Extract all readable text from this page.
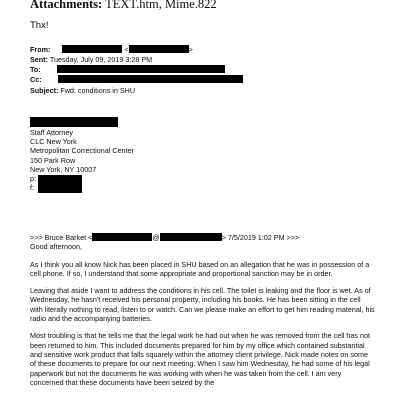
Attachments: TEXT.htm, Mime.822
Thx!
From:	<	>
Sent: Tuesday, July 09, 2019 3:28 PM
To:
Cc:
Subject: Fwd: conditions in SHU
Staff Attorney
CLC New York
Metropolitan Correctional Center
150 Park Row
New York, NY 10007
p:
f:
>>> Bruce Barket <	@	> 7/5/2019 1:02 PM >>>
Good afternoon,
As I think you all know Nick has been placed in SHU based on an allegation that he was in possession of a cell phone. If so, I understand that some appropriate and proportional sanction may be in order.
Leaving that aside I want to address the conditions in his cell. The toilet is leaking and the floor is wet. As of Wednesday, he hasn't received his personal property, including his books. He has been sitting in the cell with literally nothing to read, listen to or watch. Can we please make an effort to get him reading material, his radio and the accompanying batteries.
Most troubling is that he tells me that the legal work he had out when he was removed from the cell has not been returned to him. This included documents prepared for him by my office which contained substantial and sensitive work product that falls squarely within the attorney client privilege. Nick made notes on some of these documents to prepare for our next meeting. When I saw him Wednesday, he had some of his legal paperwork but not the documents he was working with when he was taken from the cell. I am very concerned that these documents have been seized by the
